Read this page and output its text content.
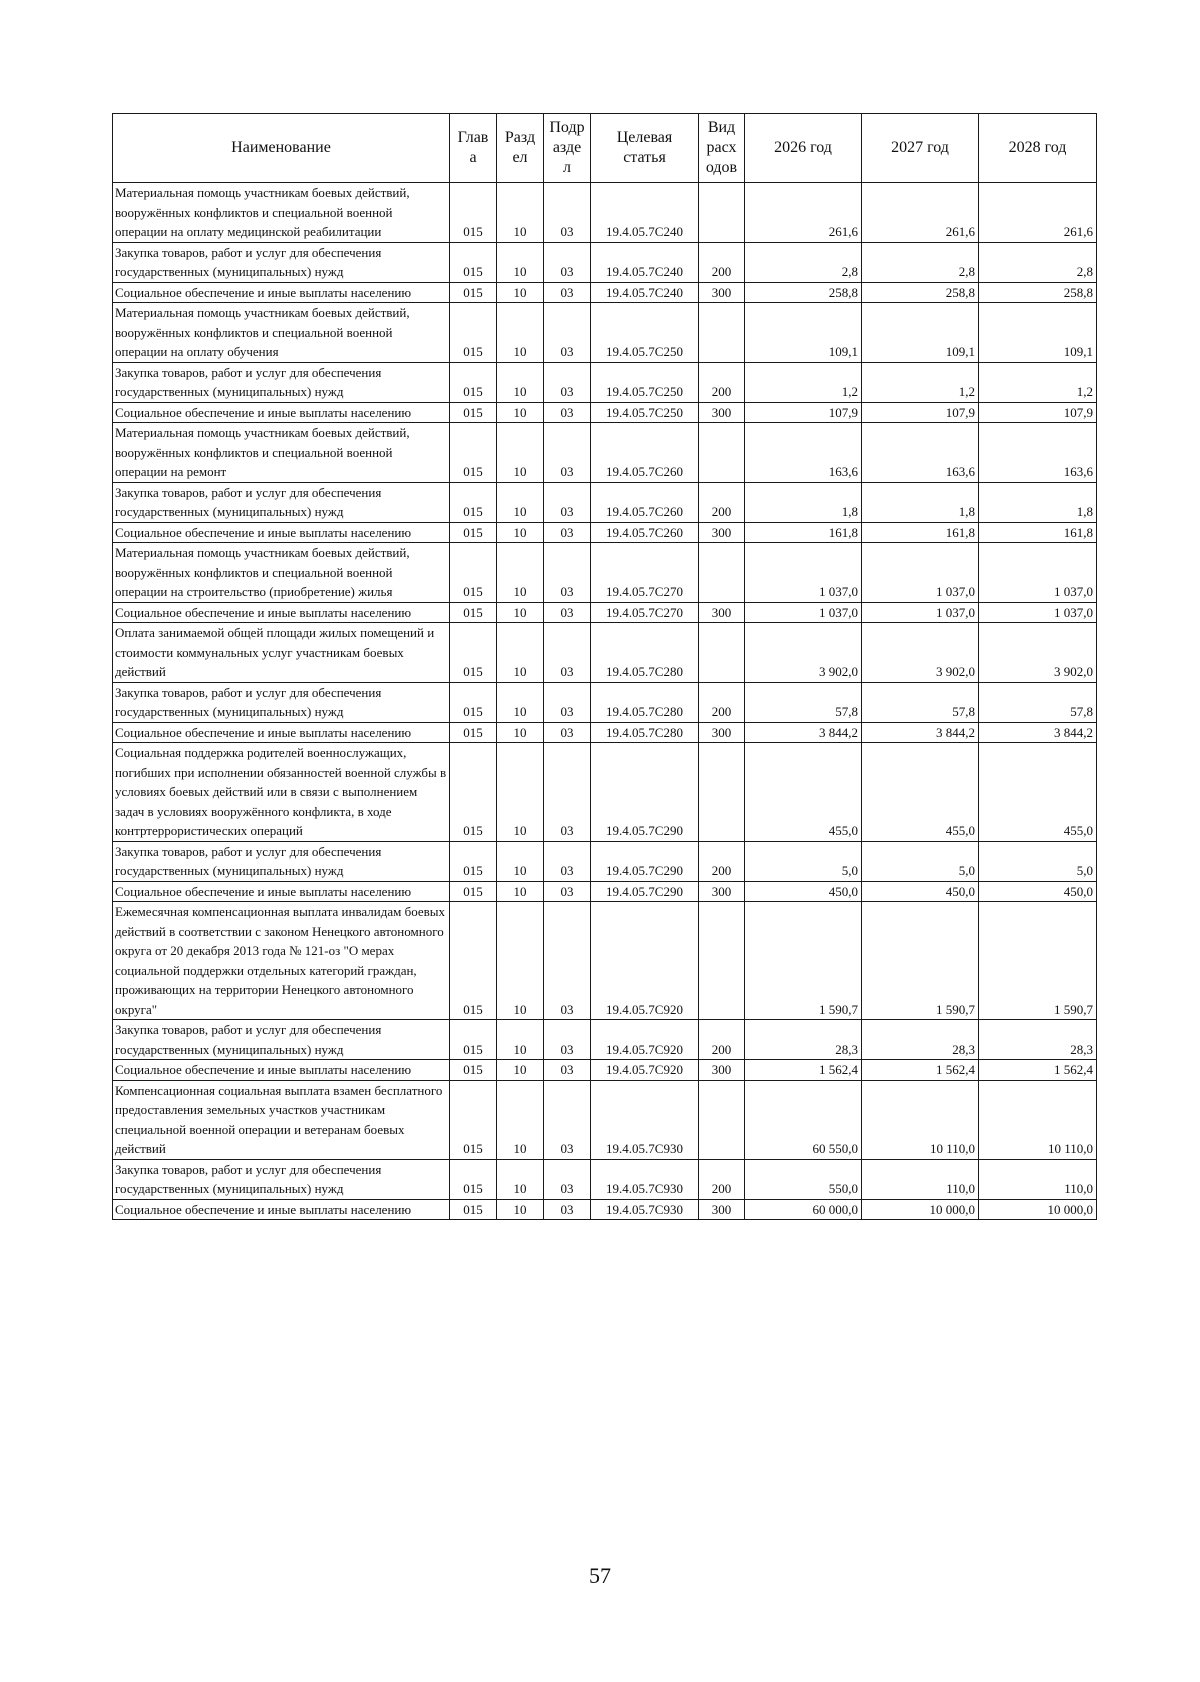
Наименование	Глав а	Разд ел	Подр азде л	Целевая статья	Вид расх одов	2026 год	2027 год	2028 год
Материальная помощь участникам боевых действий, вооружённых конфликтов и специальной военной операции на оплату медицинской реабилитации	015	10	03	19.4.05.7С240		261,6	261,6	261,6
Закупка товаров, работ и услуг для обеспечения государственных (муниципальных) нужд	015	10	03	19.4.05.7С240	200	2,8	2,8	2,8
Социальное обеспечение и иные выплаты населению	015	10	03	19.4.05.7С240	300	258,8	258,8	258,8
Материальная помощь участникам боевых действий, вооружённых конфликтов и специальной военной операции на оплату обучения	015	10	03	19.4.05.7С250		109,1	109,1	109,1
Закупка товаров, работ и услуг для обеспечения государственных (муниципальных) нужд	015	10	03	19.4.05.7С250	200	1,2	1,2	1,2
Социальное обеспечение и иные выплаты населению	015	10	03	19.4.05.7С250	300	107,9	107,9	107,9
Материальная помощь участникам боевых действий, вооружённых конфликтов и специальной военной операции на ремонт	015	10	03	19.4.05.7С260		163,6	163,6	163,6
Закупка товаров, работ и услуг для обеспечения государственных (муниципальных) нужд	015	10	03	19.4.05.7С260	200	1,8	1,8	1,8
Социальное обеспечение и иные выплаты населению	015	10	03	19.4.05.7С260	300	161,8	161,8	161,8
Материальная помощь участникам боевых действий, вооружённых конфликтов и специальной военной операции на строительство (приобретение) жилья	015	10	03	19.4.05.7С270		1 037,0	1 037,0	1 037,0
Социальное обеспечение и иные выплаты населению	015	10	03	19.4.05.7С270	300	1 037,0	1 037,0	1 037,0
Оплата занимаемой общей площади жилых помещений и стоимости коммунальных услуг участникам боевых действий	015	10	03	19.4.05.7С280		3 902,0	3 902,0	3 902,0
Закупка товаров, работ и услуг для обеспечения государственных (муниципальных) нужд	015	10	03	19.4.05.7С280	200	57,8	57,8	57,8
Социальное обеспечение и иные выплаты населению	015	10	03	19.4.05.7С280	300	3 844,2	3 844,2	3 844,2
Социальная поддержка родителей военнослужащих, погибших при исполнении обязанностей военной службы в условиях боевых действий или в связи с выполнением задач в условиях вооружённого конфликта, в ходе контртеррористических операций	015	10	03	19.4.05.7С290		455,0	455,0	455,0
Закупка товаров, работ и услуг для обеспечения государственных (муниципальных) нужд	015	10	03	19.4.05.7С290	200	5,0	5,0	5,0
Социальное обеспечение и иные выплаты населению	015	10	03	19.4.05.7С290	300	450,0	450,0	450,0
Ежемесячная компенсационная выплата инвалидам боевых действий в соответствии с законом Ненецкого автономного округа от 20 декабря 2013 года № 121-оз "О мерах социальной поддержки отдельных категорий граждан, проживающих на территории Ненецкого автономного округа"	015	10	03	19.4.05.7С920		1 590,7	1 590,7	1 590,7
Закупка товаров, работ и услуг для обеспечения государственных (муниципальных) нужд	015	10	03	19.4.05.7С920	200	28,3	28,3	28,3
Социальное обеспечение и иные выплаты населению	015	10	03	19.4.05.7С920	300	1 562,4	1 562,4	1 562,4
Компенсационная социальная выплата взамен бесплатного предоставления земельных участков участникам специальной военной операции и ветеранам боевых действий	015	10	03	19.4.05.7С930		60 550,0	10 110,0	10 110,0
Закупка товаров, работ и услуг для обеспечения государственных (муниципальных) нужд	015	10	03	19.4.05.7С930	200	550,0	110,0	110,0
Социальное обеспечение и иные выплаты населению	015	10	03	19.4.05.7С930	300	60 000,0	10 000,0	10 000,0
57
